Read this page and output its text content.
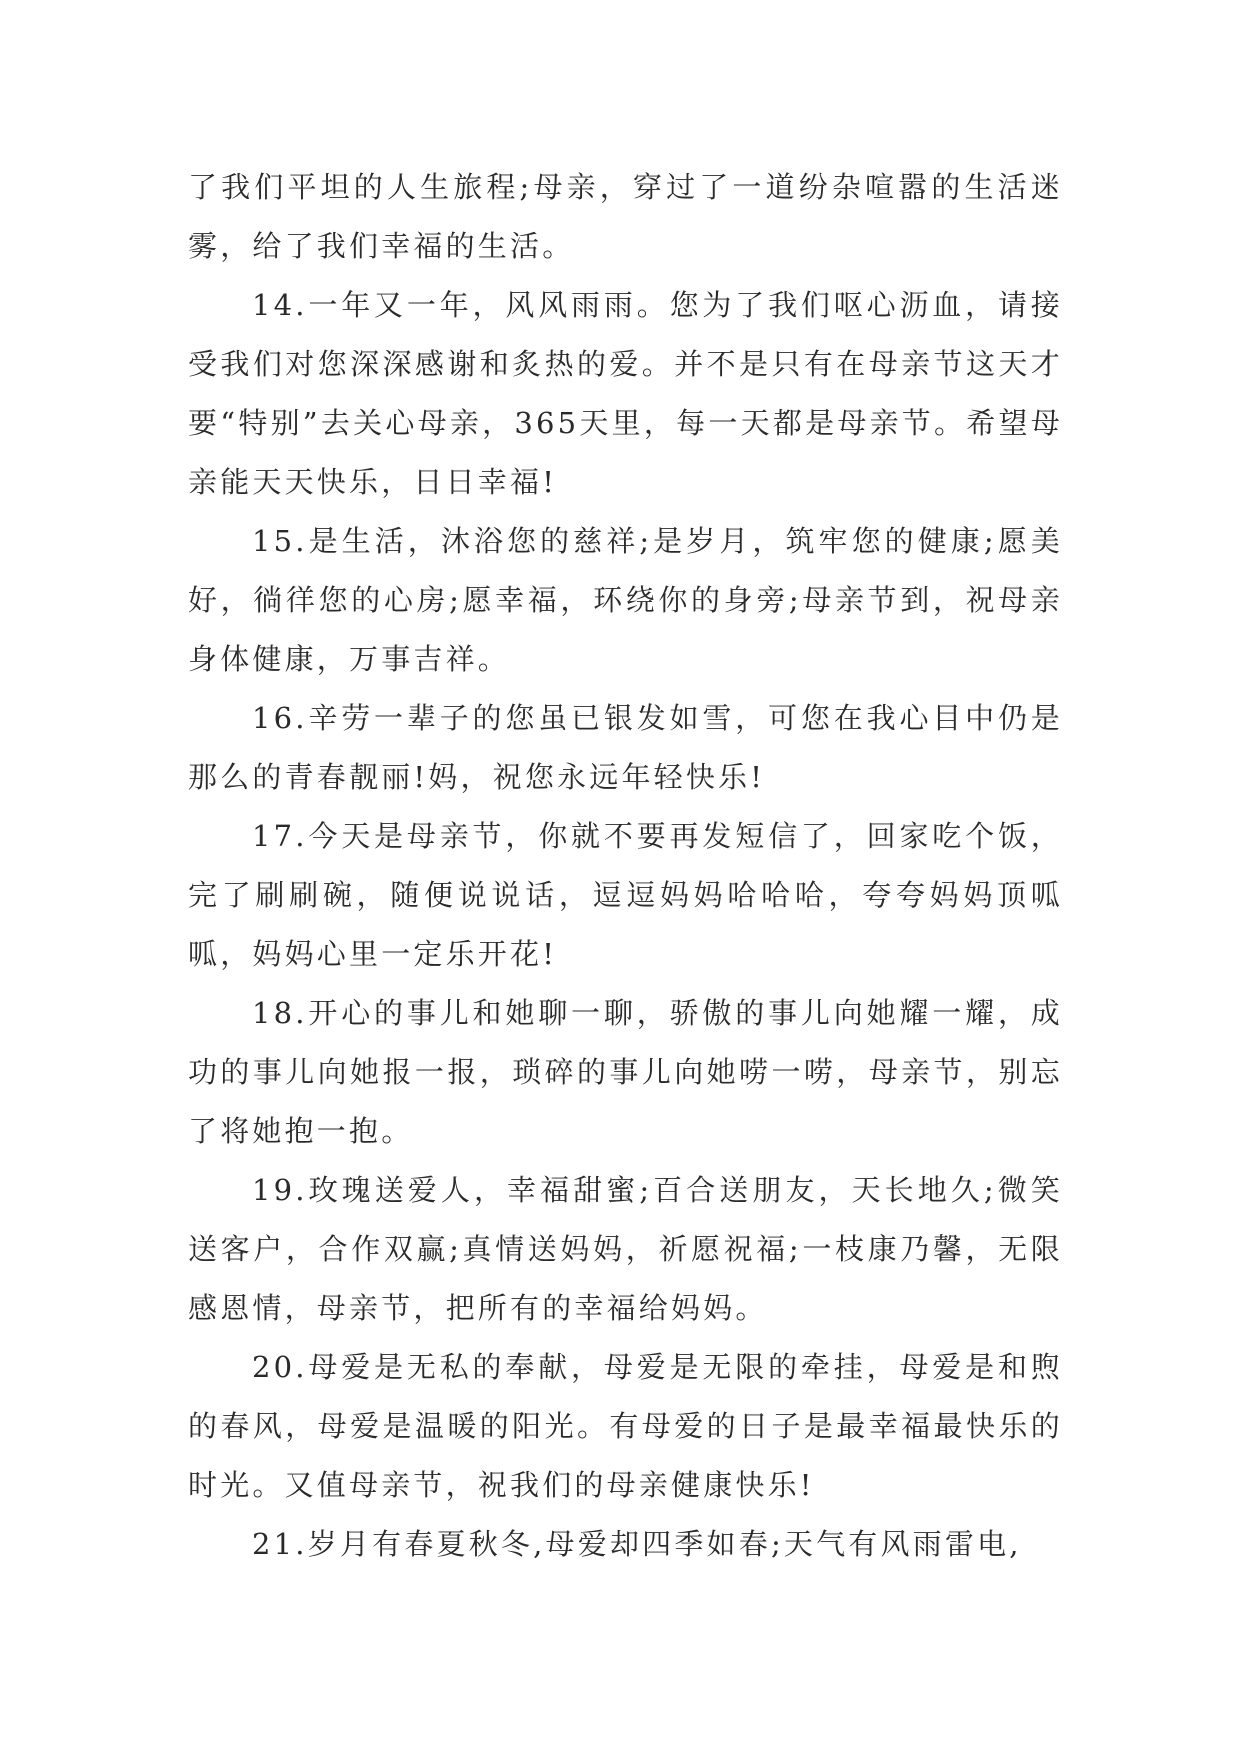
了我们平坦的人生旅程;母亲，穿过了一道纷杂喧嚣的生活迷雾，给了我们幸福的生活。

14.一年又一年，风风雨雨。您为了我们呕心沥血，请接受我们对您深深感谢和炙热的爱。并不是只有在母亲节这天才要“特别”去关心母亲，365天里，每一天都是母亲节。希望母亲能天天快乐，日日幸福!

15.是生活，沐浴您的慈祥;是岁月，筑牢您的健康;愿美好，徜徉您的心房;愿幸福，环绕你的身旁;母亲节到，祝母亲身体健康，万事吉祥。

16.辛劳一辈子的您虽已银发如雪，可您在我心目中仍是那么的青春靓丽!妈，祝您永远年轻快乐!

17.今天是母亲节，你就不要再发短信了，回家吃个饭，完了刷刷碗，随便说说话，逗逗妈妈哈哈哈，夸夸妈妈顶呱呱，妈妈心里一定乐开花!

18.开心的事儿和她聊一聊，骄傲的事儿向她耀一耀，成功的事儿向她报一报，琐碎的事儿向她唠一唠，母亲节，别忘了将她抱一抱。

19.玫瑰送爱人，幸福甜蜜;百合送朋友，天长地久;微笑送客户，合作双赢;真情送妈妈，祈愿祝福;一枝康乃馨，无限感恩情，母亲节，把所有的幸福给妈妈。

20.母爱是无私的奉献，母爱是无限的牵挂，母爱是和煦的春风，母爱是温暖的阳光。有母爱的日子是最幸福最快乐的时光。又值母亲节，祝我们的母亲健康快乐!

21.岁月有春夏秋冬,母爱却四季如春;天气有风雨雷电,
